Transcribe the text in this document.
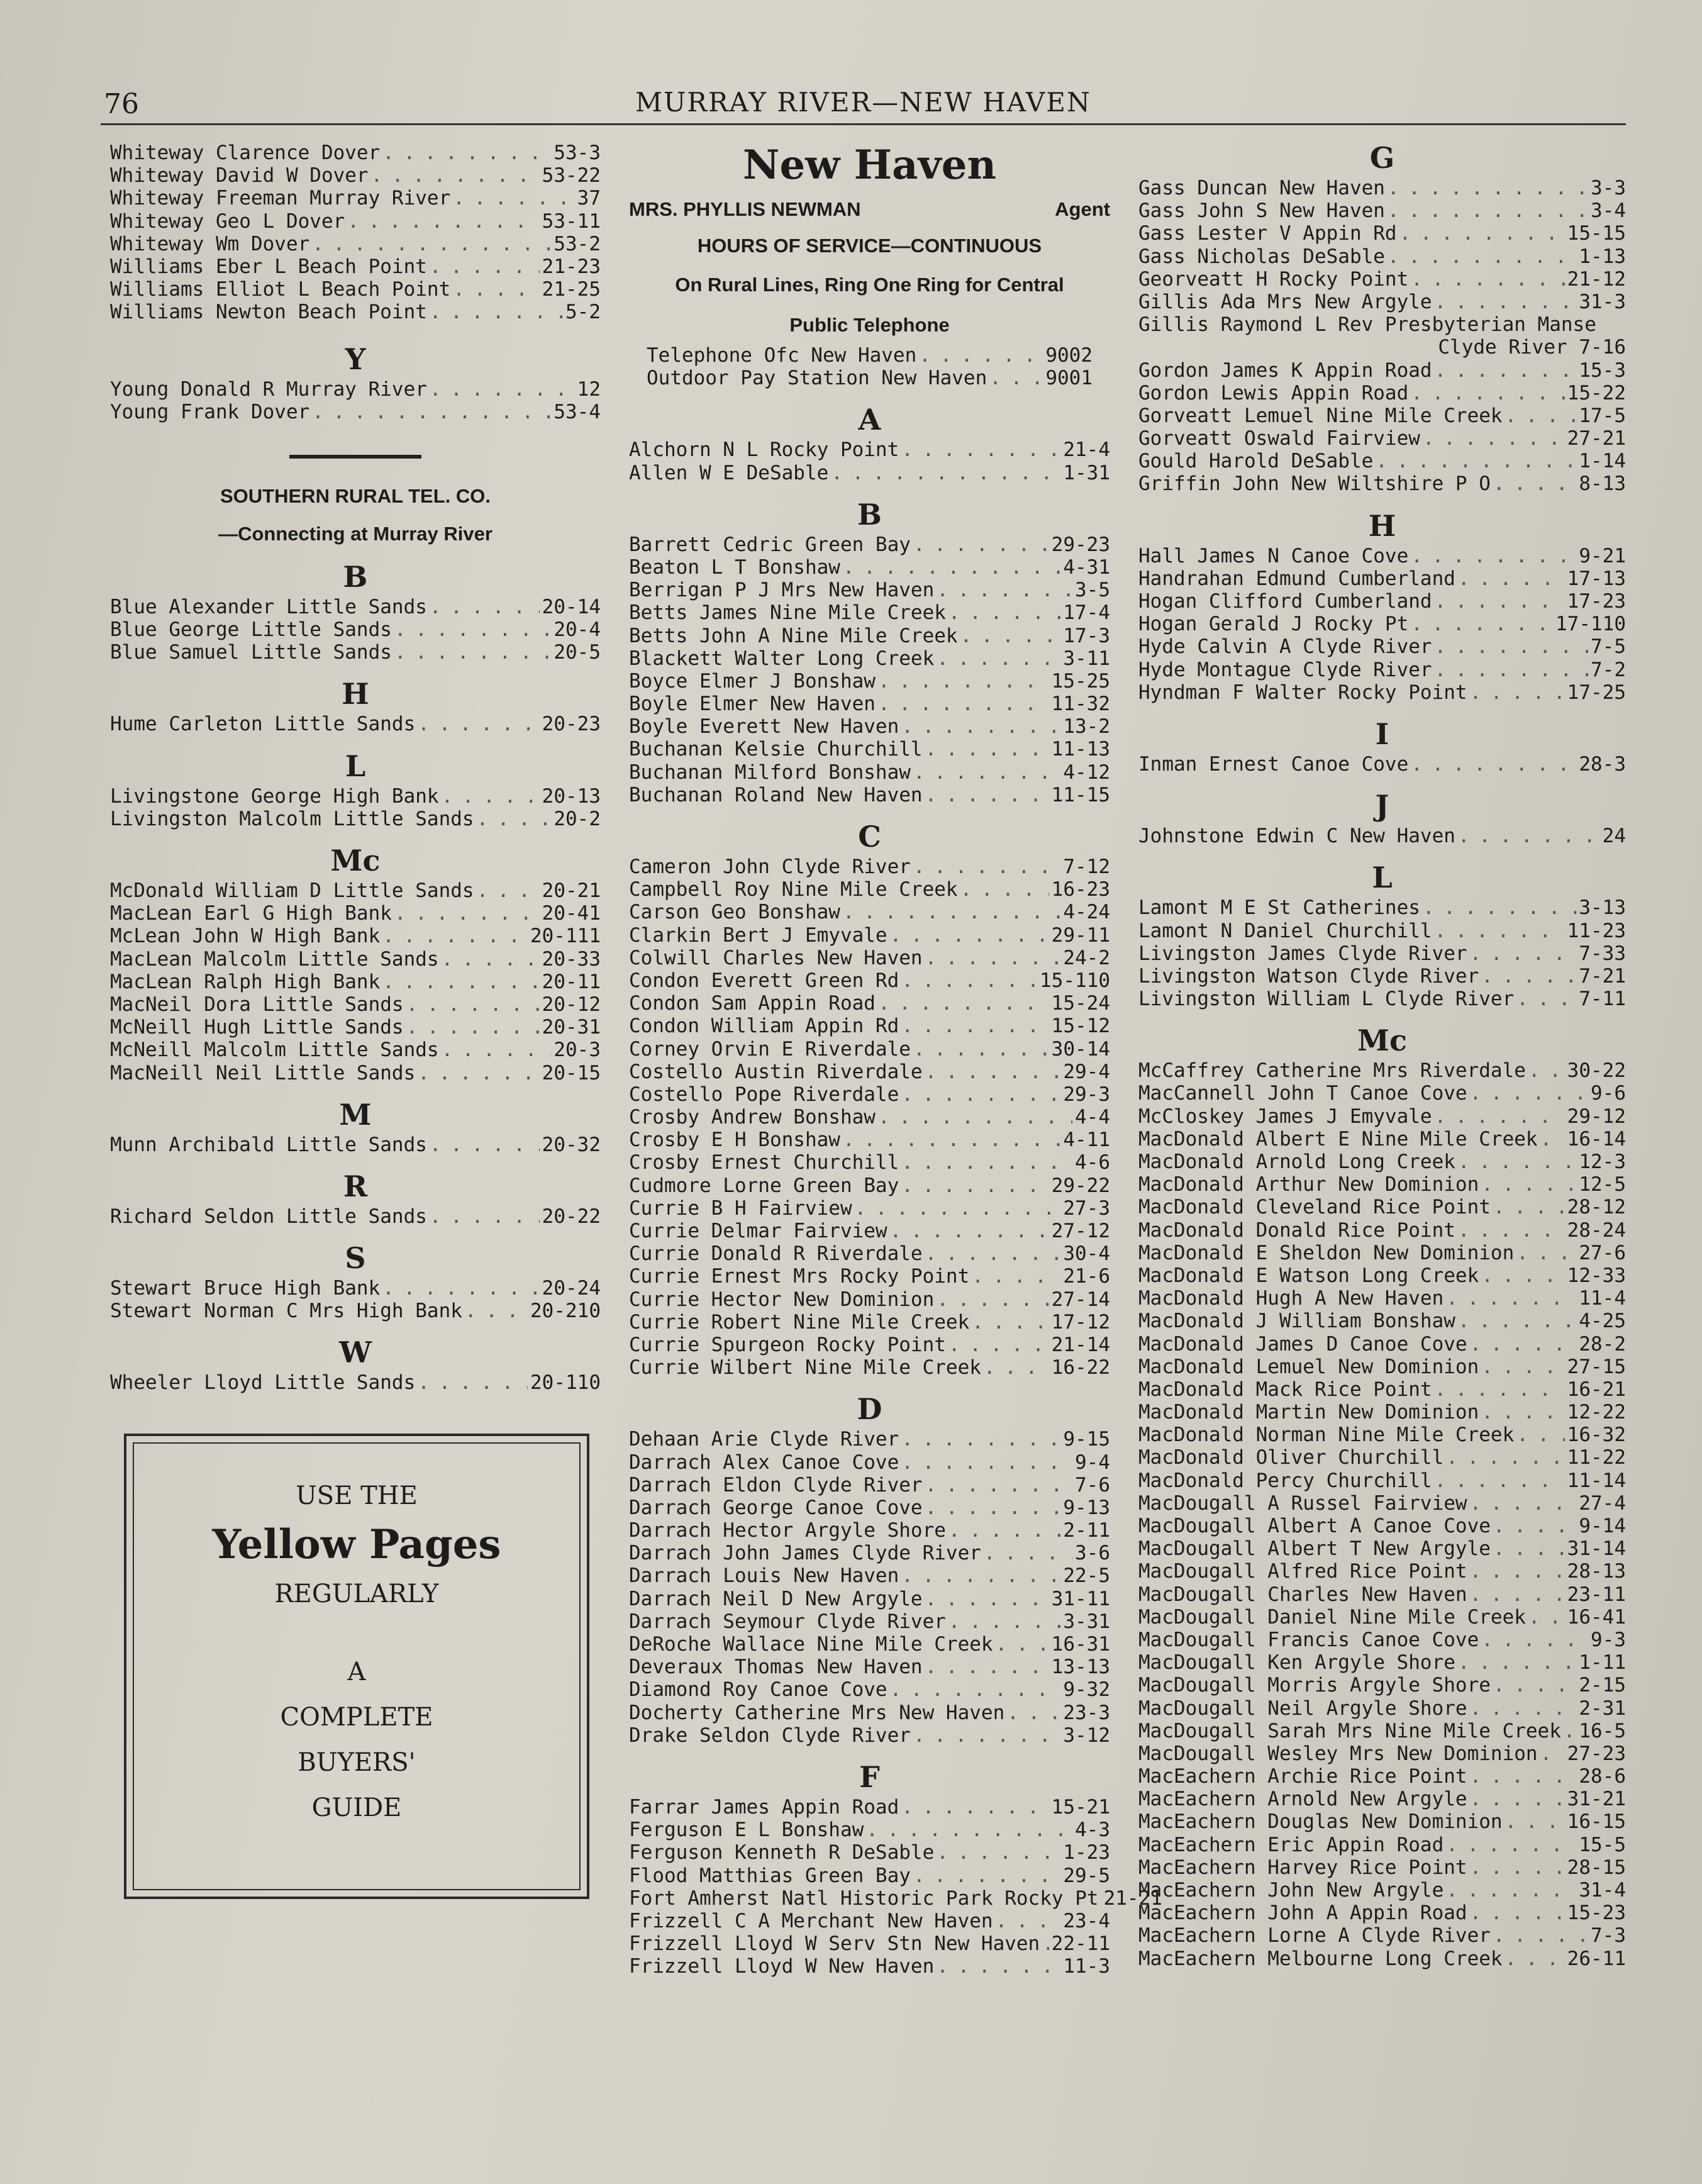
76	MURRAY RIVER—NEW HAVEN
Whiteway Clarence Dover . . .	53-3
Whiteway David W Dover . . .	53-22
Whiteway Freeman Murray River . . .	37
Whiteway Geo L Dover . . .	53-11
Whiteway Wm Dover . . .	53-2
Williams Eber L Beach Point . . .	21-23
Williams Elliot L Beach Point . . .	21-25
Williams Newton Beach Point . . .	5-2
Y
Young Donald R Murray River . . .	12
Young Frank Dover . . .	53-4
SOUTHERN RURAL TEL. CO.
—Connecting at Murray River
B
Blue Alexander Little Sands . . .	20-14
Blue George Little Sands . . .	20-4
Blue Samuel Little Sands . . .	20-5
H
Hume Carleton Little Sands . . .	20-23
L
Livingstone George High Bank . . .	20-13
Livingston Malcolm Little Sands . . .	20-2
Mc
McDonald William D Little Sands . . .	20-21
MacLean Earl G High Bank . . .	20-41
McLean John W High Bank . . .	20-111
MacLean Malcolm Little Sands . . .	20-33
MacLean Ralph High Bank . . .	20-11
MacNeil Dora Little Sands . . .	20-12
McNeill Hugh Little Sands . . .	20-31
McNeill Malcolm Little Sands . . .	20-3
MacNeill Neil Little Sands . . .	20-15
M
Munn Archibald Little Sands . . .	20-32
R
Richard Seldon Little Sands . . .	20-22
S
Stewart Bruce High Bank . . .	20-24
Stewart Norman C Mrs High Bank . . .	20-210
W
Wheeler Lloyd Little Sands . . .	20-110
USE THE
Yellow Pages
REGULARLY
A
COMPLETE
BUYERS'
GUIDE
New Haven
MRS. PHYLLIS NEWMAN	Agent
HOURS OF SERVICE—CONTINUOUS
On Rural Lines, Ring One Ring for Central
Public Telephone
Telephone Ofc New Haven . . .	9002
Outdoor Pay Station New Haven . . .	9001
A
Alchorn N L Rocky Point . . .	21-4
Allen W E DeSable . . .	1-31
B
Barrett Cedric Green Bay . . .	29-23
Beaton L T Bonshaw . . .	4-31
Berrigan P J Mrs New Haven . . .	3-5
Betts James Nine Mile Creek . . .	17-4
Betts John A Nine Mile Creek . . .	17-3
Blackett Walter Long Creek . . .	3-11
Boyce Elmer J Bonshaw . . .	15-25
Boyle Elmer New Haven . . .	11-32
Boyle Everett New Haven . . .	13-2
Buchanan Kelsie Churchill . . .	11-13
Buchanan Milford Bonshaw . . .	4-12
Buchanan Roland New Haven . . .	11-15
C
Cameron John Clyde River . . .	7-12
Campbell Roy Nine Mile Creek . . .	16-23
Carson Geo Bonshaw . . .	4-24
Clarkin Bert J Emyvale . . .	29-11
Colwill Charles New Haven . . .	24-2
Condon Everett Green Rd . . .	15-110
Condon Sam Appin Road . . .	15-24
Condon William Appin Rd . . .	15-12
Corney Orvin E Riverdale . . .	30-14
Costello Austin Riverdale . . .	29-4
Costello Pope Riverdale . . .	29-3
Crosby Andrew Bonshaw . . .	4-4
Crosby E H Bonshaw . . .	4-11
Crosby Ernest Churchill . . .	4-6
Cudmore Lorne Green Bay . . .	29-22
Currie B H Fairview . . .	27-3
Currie Delmar Fairview . . .	27-12
Currie Donald R Riverdale . . .	30-4
Currie Ernest Mrs Rocky Point . . .	21-6
Currie Hector New Dominion . . .	27-14
Currie Robert Nine Mile Creek . . .	17-12
Currie Spurgeon Rocky Point . . .	21-14
Currie Wilbert Nine Mile Creek . . .	16-22
D
Dehaan Arie Clyde River . . .	9-15
Darrach Alex Canoe Cove . . .	9-4
Darrach Eldon Clyde River . . .	7-6
Darrach George Canoe Cove . . .	9-13
Darrach Hector Argyle Shore . . .	2-11
Darrach John James Clyde River . . .	3-6
Darrach Louis New Haven . . .	22-5
Darrach Neil D New Argyle . . .	31-11
Darrach Seymour Clyde River . . .	3-31
DeRoche Wallace Nine Mile Creek . . .	16-31
Deveraux Thomas New Haven . . .	13-13
Diamond Roy Canoe Cove . . .	9-32
Docherty Catherine Mrs New Haven . . .	23-3
Drake Seldon Clyde River . . .	3-12
F
Farrar James Appin Road . . .	15-21
Ferguson E L Bonshaw . . .	4-3
Ferguson Kenneth R DeSable . . .	1-23
Flood Matthias Green Bay . . .	29-5
Fort Amherst Natl Historic Park Rocky Pt 21-21
Frizzell C A Merchant New Haven . . .	23-4
Frizzell Lloyd W Serv Stn New Haven . . . 22-11
Frizzell Lloyd W New Haven . . .	11-3
G
Gass Duncan New Haven . . .	3-3
Gass John S New Haven . . .	3-4
Gass Lester V Appin Rd . . .	15-15
Gass Nicholas DeSable . . .	1-13
Georveatt H Rocky Point . . .	21-12
Gillis Ada Mrs New Argyle . . .	31-3
Gillis Raymond L Rev Presbyterian Manse
Clyde River 7-16
Gordon James K Appin Road . . .	15-3
Gordon Lewis Appin Road . . .	15-22
Gorveatt Lemuel Nine Mile Creek . . .	17-5
Gorveatt Oswald Fairview . . .	27-21
Gould Harold DeSable . . .	1-14
Griffin John New Wiltshire P O . . .	8-13
H
Hall James N Canoe Cove . . .	9-21
Handrahan Edmund Cumberland . . .	17-13
Hogan Clifford Cumberland . . .	17-23
Hogan Gerald J Rocky Pt . . .	17-110
Hyde Calvin A Clyde River . . .	7-5
Hyde Montague Clyde River . . .	7-2
Hyndman F Walter Rocky Point . . .	17-25
I
Inman Ernest Canoe Cove . . .	28-3
J
Johnstone Edwin C New Haven . . .	24
L
Lamont M E St Catherines . . .	3-13
Lamont N Daniel Churchill . . .	11-23
Livingston James Clyde River . . .	7-33
Livingston Watson Clyde River . . .	7-21
Livingston William L Clyde River . . .	7-11
Mc
McCaffrey Catherine Mrs Riverdale . . . 30-22
MacCannell John T Canoe Cove . . .	9-6
McCloskey James J Emyvale . . .	29-12
MacDonald Albert E Nine Mile Creek . . . 16-14
MacDonald Arnold Long Creek . . .	12-3
MacDonald Arthur New Dominion . . .	12-5
MacDonald Cleveland Rice Point . . .	28-12
MacDonald Donald Rice Point . . .	28-24
MacDonald E Sheldon New Dominion . . .	27-6
MacDonald E Watson Long Creek . . .	12-33
MacDonald Hugh A New Haven . . .	11-4
MacDonald J William Bonshaw . . .	4-25
MacDonald James D Canoe Cove . . .	28-2
MacDonald Lemuel New Dominion . . .	27-15
MacDonald Mack Rice Point . . .	16-21
MacDonald Martin New Dominion . . .	12-22
MacDonald Norman Nine Mile Creek . . .	16-32
MacDonald Oliver Churchill . . .	11-22
MacDonald Percy Churchill . . .	11-14
MacDougall A Russel Fairview . . .	27-4
MacDougall Albert A Canoe Cove . . .	9-14
MacDougall Albert T New Argyle . . .	31-14
MacDougall Alfred Rice Point . . .	28-13
MacDougall Charles New Haven . . .	23-11
MacDougall Daniel Nine Mile Creek . . . 16-41
MacDougall Francis Canoe Cove . . .	9-3
MacDougall Ken Argyle Shore . . .	1-11
MacDougall Morris Argyle Shore . . .	2-15
MacDougall Neil Argyle Shore . . .	2-31
MacDougall Sarah Mrs Nine Mile Creek . . . 16-5
MacDougall Wesley Mrs New Dominion . . . 27-23
MacEachern Archie Rice Point . . .	28-6
MacEachern Arnold New Argyle . . .	31-21
MacEachern Douglas New Dominion . . .	16-15
MacEachern Eric Appin Road . . .	15-5
MacEachern Harvey Rice Point . . .	28-15
MacEachern John New Argyle . . .	31-4
MacEachern John A Appin Road . . .	15-23
MacEachern Lorne A Clyde River . . .	7-3
MacEachern Melbourne Long Creek . . .	26-11
